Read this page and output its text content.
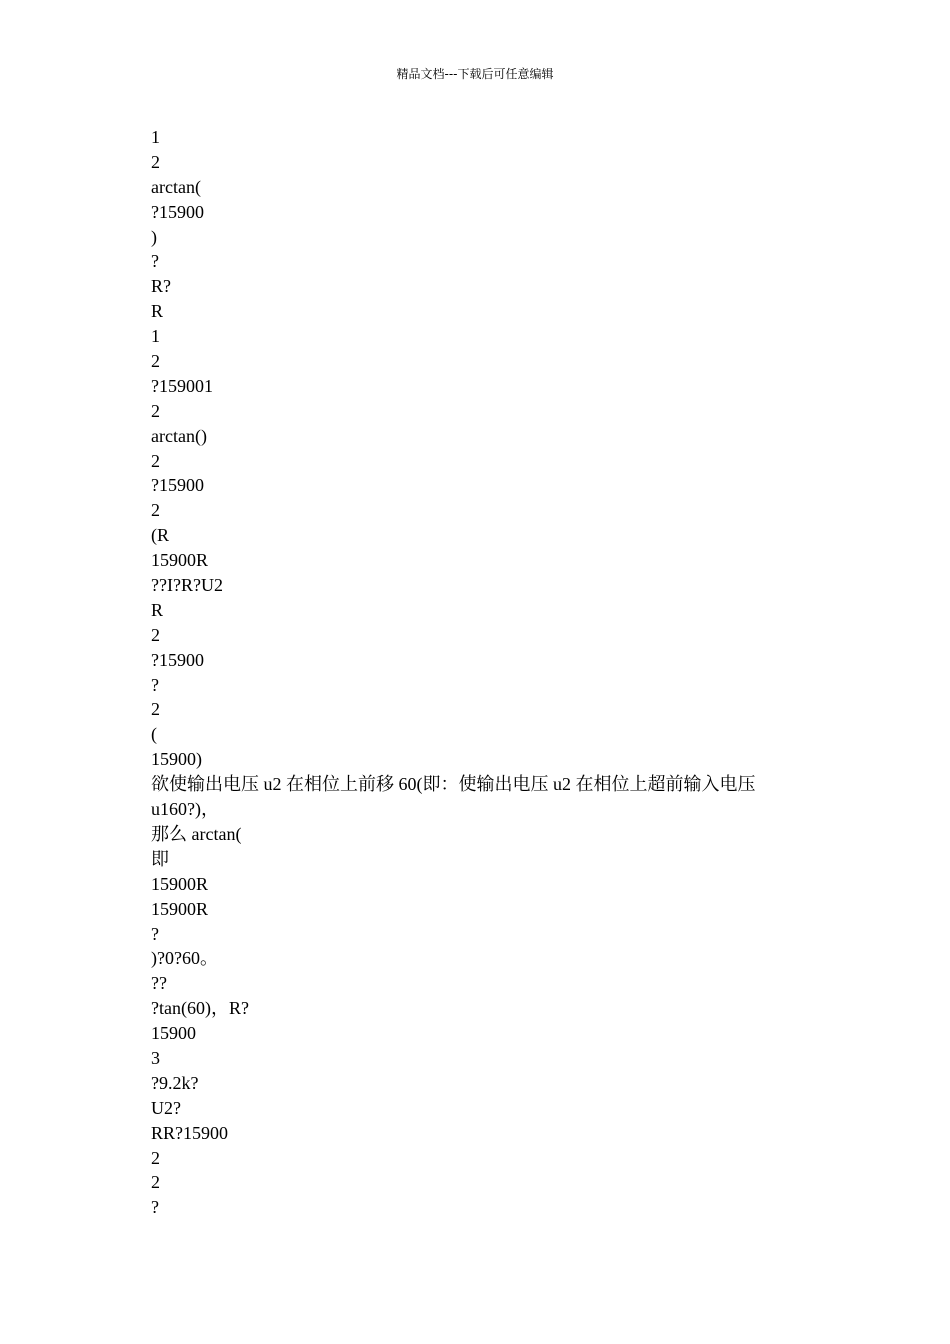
精品文档---下载后可任意编辑
1
2
arctan(
?15900
)
?
R?
R
1
2
?159001
2
arctan()
2
?15900
2
(R
15900R
??I?R?U2
R
2
?15900
?
2
(
15900)
欲使输出电压 u2 在相位上前移 60(即：使输出电压 u2 在相位上超前输入电压
u160?)，
那么 arctan(
即
15900R
15900R
?
)?0?60。
??
?tan(60)，R?
15900
3
?9.2k?
U2?
RR?15900
2
2
?
